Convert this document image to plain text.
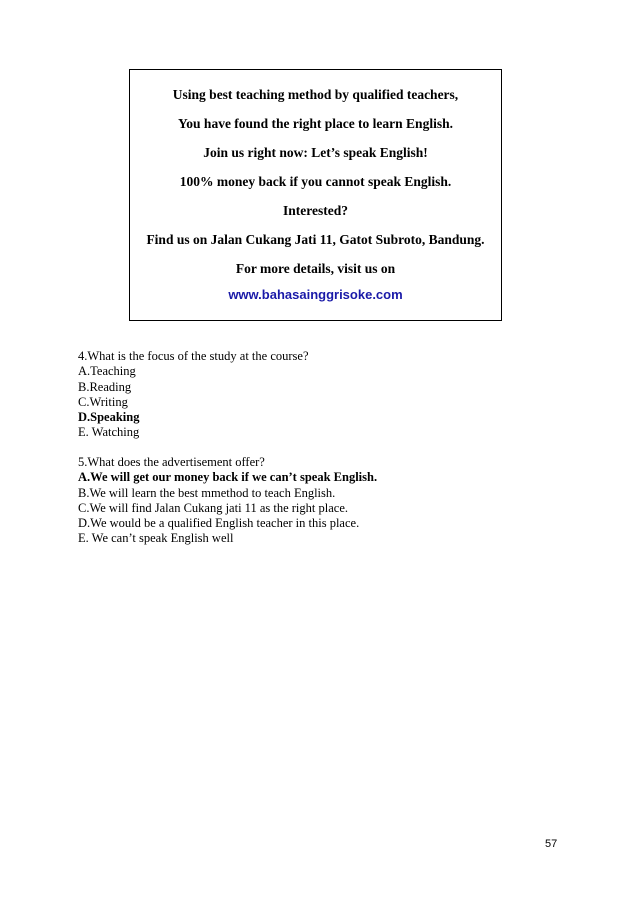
Using best teaching method by qualified teachers,
You have found the right place to learn English.
Join us right now: Let’s speak English!
100% money back if you cannot speak English.
Interested?
Find us on Jalan Cukang Jati 11, Gatot Subroto, Bandung.
For more details, visit us on
www.bahasainggrisoke.com
4.What is the focus of the study at the course?
A.Teaching
B.Reading
C.Writing
D.Speaking
E. Watching
5.What does the advertisement offer?
A.We will get our money back if we can’t speak English.
B.We will learn the best mmethod to teach English.
C.We will find Jalan Cukang jati 11 as the right place.
D.We would be a qualified English teacher in this place.
E. We can’t speak English well
57
